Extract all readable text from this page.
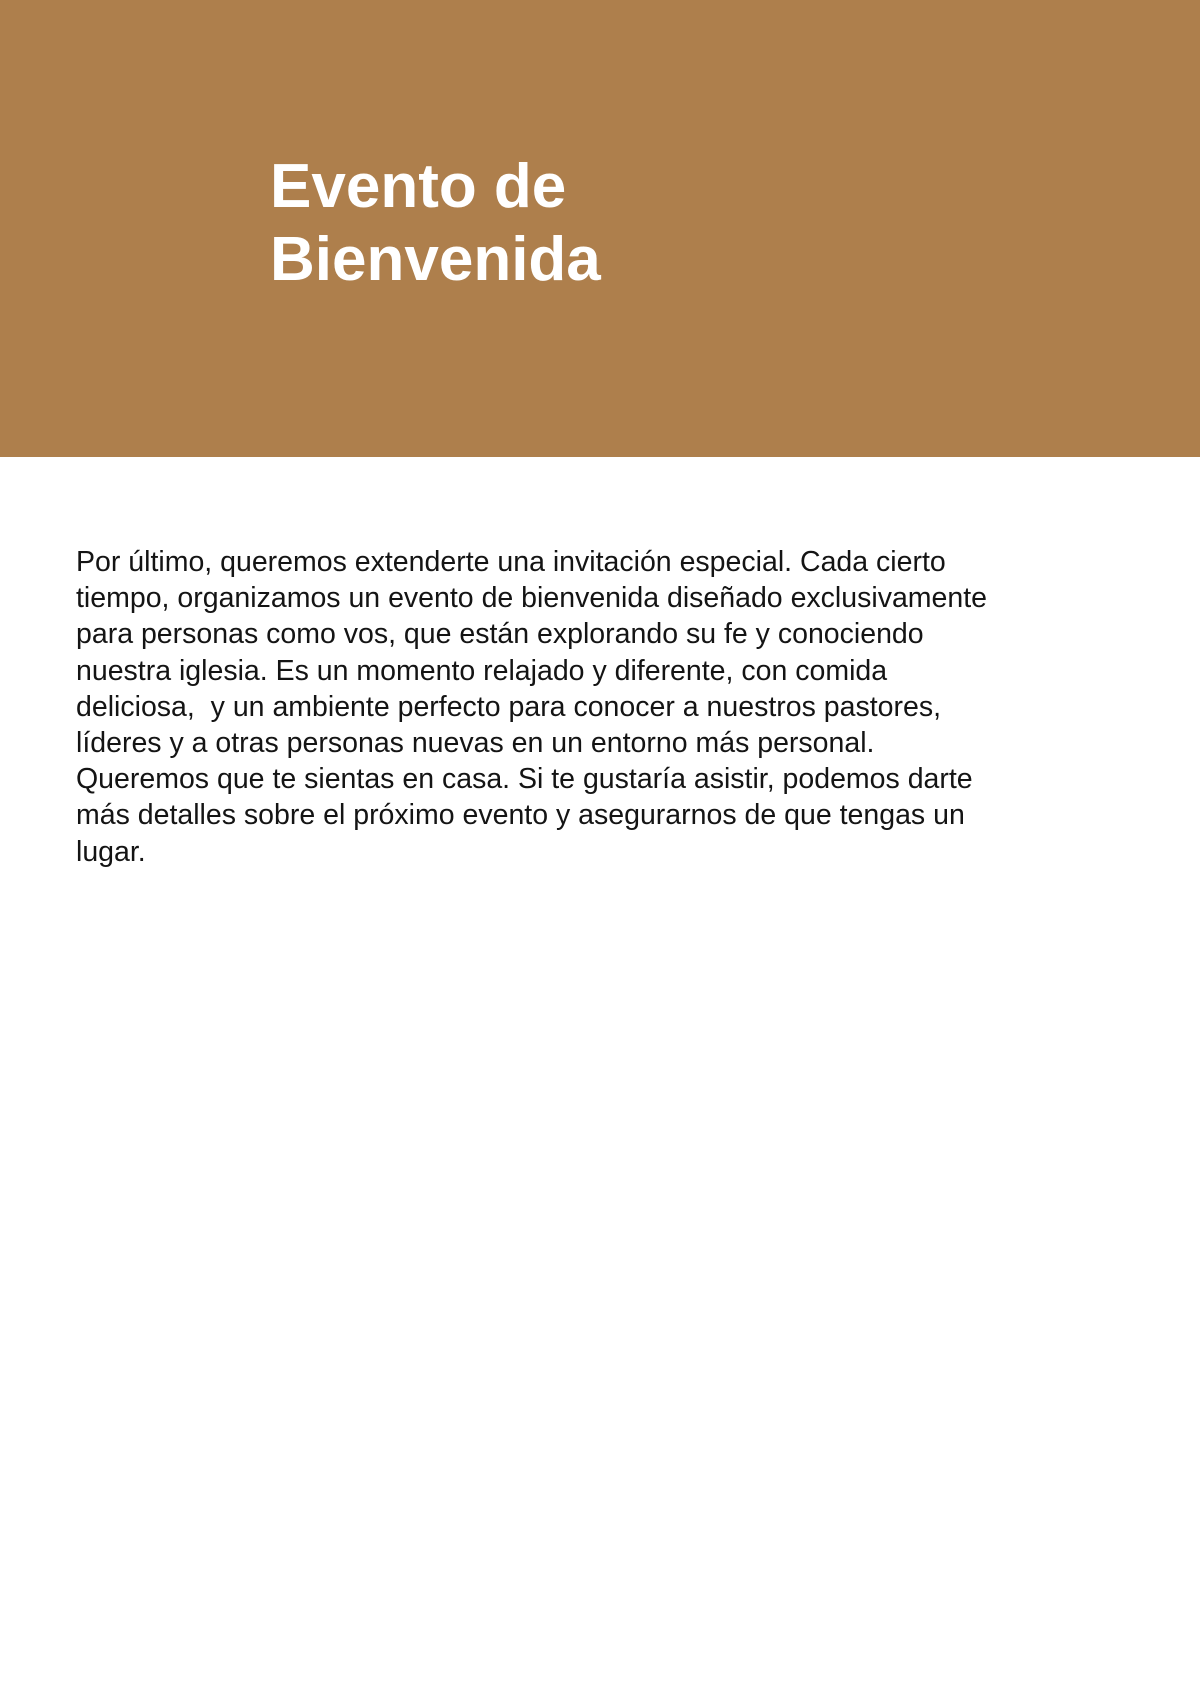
Evento de
Bienvenida
Por último, queremos extenderte una invitación especial. Cada cierto
tiempo, organizamos un evento de bienvenida diseñado exclusivamente
para personas como vos, que están explorando su fe y conociendo
nuestra iglesia. Es un momento relajado y diferente, con comida
deliciosa,  y un ambiente perfecto para conocer a nuestros pastores,
líderes y a otras personas nuevas en un entorno más personal.
Queremos que te sientas en casa. Si te gustaría asistir, podemos darte
más detalles sobre el próximo evento y asegurarnos de que tengas un
lugar.
